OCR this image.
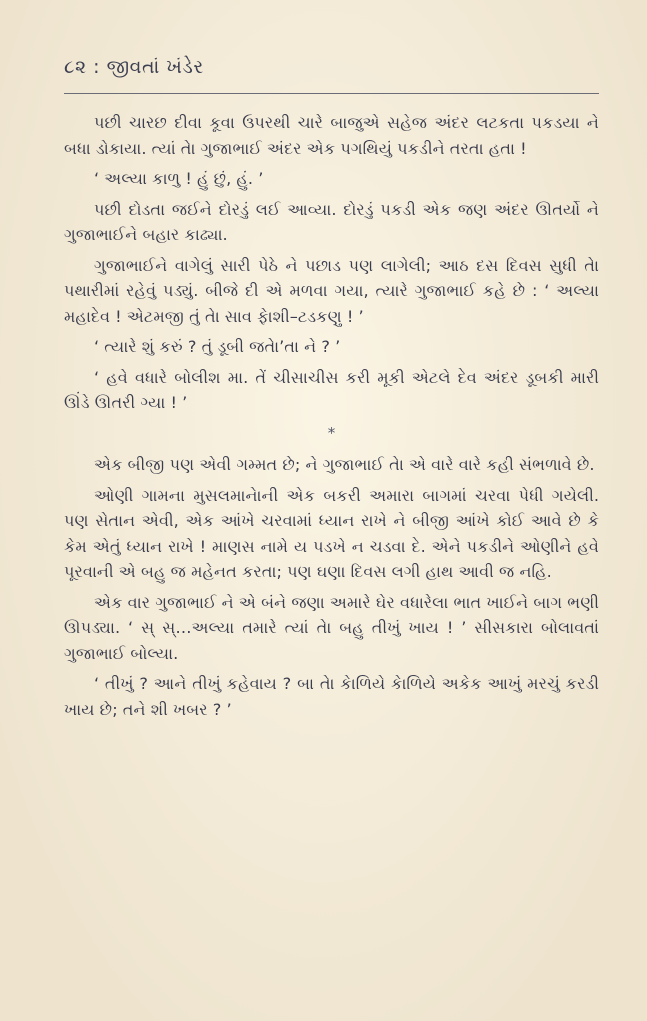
૮૨ : જીવતાં ખંડેર

પછી ચારછ દીવા કૂવા ઉપરથી ચારે બાજુએ સહેજ અંદર લટકતા પકડયા ને બધા ડોકાયા. ત્યાં તેા ગુજાભાઈ અંદર એક પગથિયું પકડીને તરતા હતા !

‘ અલ્યા કાળુ ! હું છું, હું. ’

પછી દોડતા જઈને દોરડું લઈ આવ્યા. દોરડું પકડી એક જણ અંદર ઊતર્યો ને ગુજાભાઈને બહાર કાઢ્યા.

ગુજાભાઈને વાગેલું સારી પેઠે ને પછાડ પણ લાગેલી; આઠ દસ દિવસ સુધી તેા પથારીમાં રહેવું પડ્યું. બીજે દી એ મળવા ગયા, ત્યારે ગુજાભાઈ કહે છે : ‘ અલ્યા મહાદેવ ! એટમજી તું તેા સાવ ફેાશી–ટડકણુ ! ’

‘ ત્યારે શું કરું ? તું ડૂબી જતેા’તા ને ? ’

‘ હવે વધારે બોલીશ મા. તેં ચીસાચીસ કરી મૂકી એટલે દેવ અંદર ડૂબકી મારી ઊંડે ઊતરી ગ્યા ! ’

*

એક બીજી પણ એવી ગમ્મત છે; ને ગુજાભાઈ તેા એ વારે વારે કહી સંભળાવે છે.

ઓણી ગામના મુસલમાનેાની એક બકરી અમારા બાગમાં ચરવા પેધી ગયેલી. પણ સેતાન એવી, એક આંખે ચરવામાં ધ્યાન રાખે ને બીજી આંખે કોઈ આવે છે કે કેમ એતું ધ્યાન રાખે ! માણસ નામે ય પડખે ન ચડવા દે. એને પકડીને ઓણીને હવે પૂરવાની એ બહુ જ મહેનત કરતા; પણ ઘણા દિવસ લગી હાથ આવી જ નહિ.

એક વાર ગુજાભાઈ ને એ બંને જણા અમારે ઘેર વધારેલા ભાત ખાઈને બાગ ભણી ઊપડ્યા. ‘ સ્‌ સ્‌…અલ્યા તમારે ત્યાં તેા બહુ તીખું ખાય ! ’ સીસકારા બોલાવતાં ગુજાભાઈ બોલ્યા.

‘ તીખું ? આને તીખું કહેવાય ? બા તેા કેાળિયે કેાળિયે અકેક આખું મરચું કરડી ખાય છે; તને શી ખબર ? ’
